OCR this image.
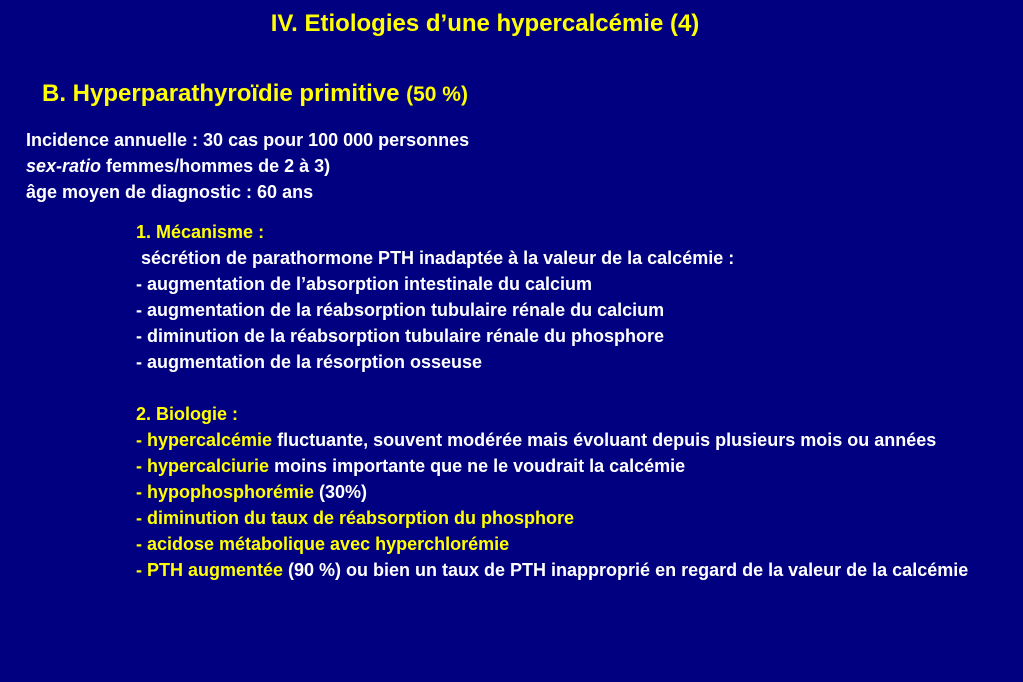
IV. Etiologies d’une hypercalcémie (4)
B. Hyperparathyroïdie primitive (50 %)
Incidence annuelle : 30 cas pour 100 000 personnes
sex-ratio femmes/hommes de 2 à 3)
âge moyen de diagnostic : 60 ans
1. Mécanisme :
sécrétion de parathormone PTH inadaptée à la valeur de la calcémie :
- augmentation de l’absorption intestinale du calcium
- augmentation de la réabsorption tubulaire rénale du calcium
- diminution de la réabsorption tubulaire rénale du phosphore
- augmentation de la résorption osseuse
2. Biologie :
- hypercalcémie fluctuante, souvent modérée mais évoluant depuis plusieurs mois ou années
- hypercalciurie moins importante que ne le voudrait la calcémie
- hypophosphorémie (30%)
- diminution du taux de réabsorption du phosphore
- acidose métabolique avec hyperchlorémie
- PTH augmentée (90 %) ou bien un taux de PTH inapproprié en regard de la valeur de la calcémie
